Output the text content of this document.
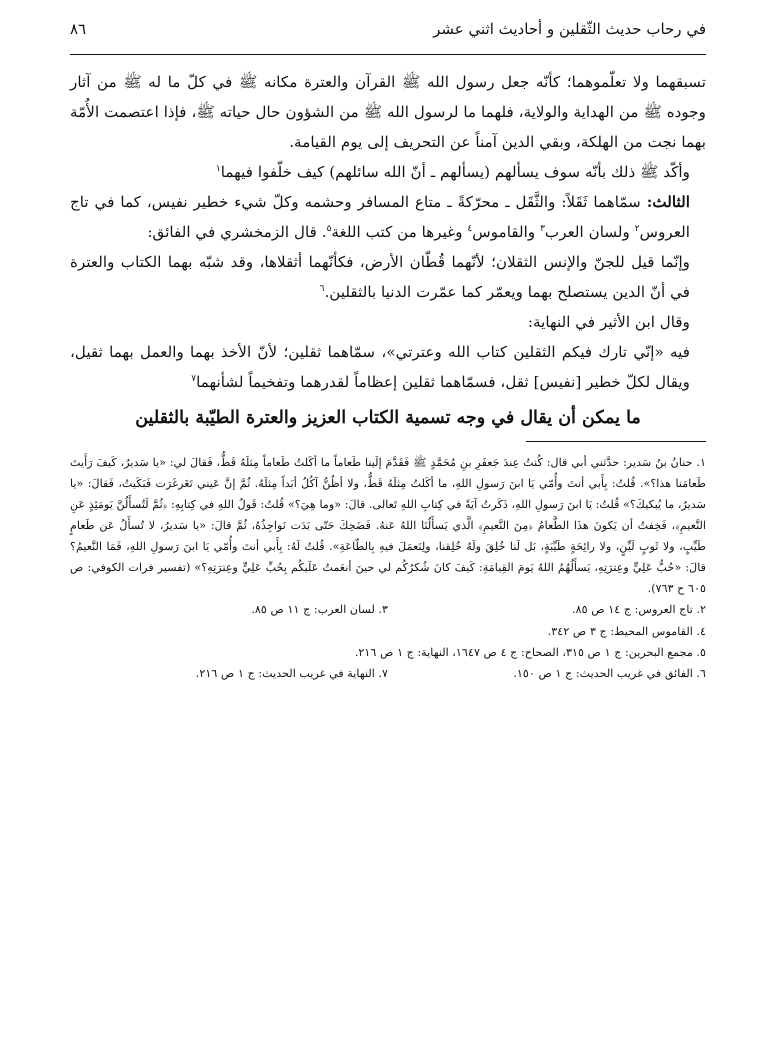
في رحاب حديث الثّقلين و أحاديث اثني عشر
٨٦

تسبقهما ولا تعلّموهما؛ كأنّه جعل رسول الله ﷺ القرآن والعترة مكانه ﷺ في كلّ ما له ﷺ من آثار وجوده ﷺ من الهداية والولاية، فلهما ما لرسول الله ﷺ من الشؤون حال حياته ﷺ، فإذا اعتصمت الأُمّة بهما نجت من الهلكة، وبقي الدين آمناً عن التحريف إلى يوم القيامة.

وأكّد ﷺ ذلك بأنّه سوف يسألهم (يسألهم ـ أنّ الله سائلهم) كيف خلّفوا فيهما$^١$

الثالث: سمّاهما ثَقَلاً: والثَّقَل ـ محرّكةً ـ متاع المسافر وحشمه وكلّ شيء خطير نفيس، كما في تاج العروس$^٢$ ولسان العرب$^٣$ والقاموس$^٤$ وغيرها من كتب اللغة$^٥$. قال الزمخشري في الفائق:

وإنّما قيل للجنّ والإنس الثقلان؛ لأنّهما قُطّان الأرض، فكأنّهما أثقلاها، وقد شبّه بهما الكتاب والعترة في أنّ الدين يستصلح بهما ويعمّر كما عمّرت الدنيا بالثقلين.$^٦$

وقال ابن الأثير في النهاية:

فيه «إنّي تارك فيكم الثقلين كتاب الله وعترتي»، سمّاهما ثقلين؛ لأنّ الأخذ بهما والعمل بهما ثقيل، ويقال لكلّ خطير [نفيس] ثقل، فسمّاهما ثقلين إعظاماً لقدرهما وتفخيماً لشأنهما$^٧$

ما يمكن أن يقال في وجه تسمية الكتاب العزيز والعترة الطيّبة بالثقلين

١. حنانُ بنُ سَدير: حدَّثني أبي قال: كُنتُ عِندَ جَعفَرِ بنِ مُحَمَّدٍ ﷺ فَقَدَّمَ إلَينا طَعاماً ما أكَلتُ طَعاماً مِثلَهُ قَطُّ، فَقالَ لي: «يا سَديرُ، كَيفَ رَأَيتَ طَعامَنا هذا؟». قُلتُ: بِأَبي أنتَ وأُمّي يَا ابنَ رَسولِ اللهِ، ما أكَلتُ مِثلَهُ قَطُّ، ولا أظُنُّ آكُلُ أبَداً مِثلَهُ. ثُمَّ إنَّ عَيني تَغَرغَرَت فَبَكَيتُ، فَقالَ: «يا سَديرُ، ما يُبكيكَ؟» قُلتُ: يَا ابنَ رَسولِ اللهِ، ذَكَرتُ آيَةً في كِتابِ اللهِ تَعالى. قالَ: «وما هِيَ؟» قُلتُ: قَولُ اللهِ في كِتابِهِ: ﴿ثُمَّ لَتُسأَلُنَّ يَومَئِذٍ عَنِ النَّعيمِ﴾، فَخِفتُ أن يَكونَ هذَا الطَّعامُ ﴿مِنَ النَّعيمِ﴾ الَّذي يَسأَلُنَا اللهُ عَنهُ. فَضَحِكَ حَتّى بَدَت نَواجِذُهُ، ثُمَّ قالَ: «يا سَديرُ، لا تُسأَلُ عَن طَعامٍ طَيِّبٍ، ولا ثَوبٍ لَيِّنٍ، ولا رائِحَةٍ طَيِّبَةٍ، بَل لَنا خُلِقَ ولَهُ خُلِقنا، ولِنَعمَلَ فيهِ بِالطّاعَةِ». قُلتُ لَهُ: بِأَبي أنتَ وأُمّي يَا ابنَ رَسولِ اللهِ، فَمَا النَّعيمُ؟ قالَ: «حُبُّ عَلِيٍّ وعِترَتِهِ، يَسأَلُهُمُ اللهُ يَومَ القِيامَةِ: كَيفَ كانَ شُكرُكُم لي حينَ أنعَمتُ عَلَيكُم بِحُبِّ عَلِيٍّ وعِترَتِهِ؟» (تفسير فرات الكوفي: ص ٦٠٥ ح ٧٦٣).

٢. تاج العروس: ج ١٤ ص ٨٥.
٣. لسان العرب: ج ١١ ص ٨٥.

٤. القاموس المحيط: ج ٣ ص ٣٤٢.

٥. مجمع البحرين: ج ١ ص ٣١٥، الصحاح: ج ٤ ص ١٦٤٧، النهاية: ج ١ ص ٢١٦.

٦. الفائق في غريب الحديث: ج ١ ص ١٥٠.
٧. النهاية في غريب الحديث: ج ١ ص ٢١٦.
